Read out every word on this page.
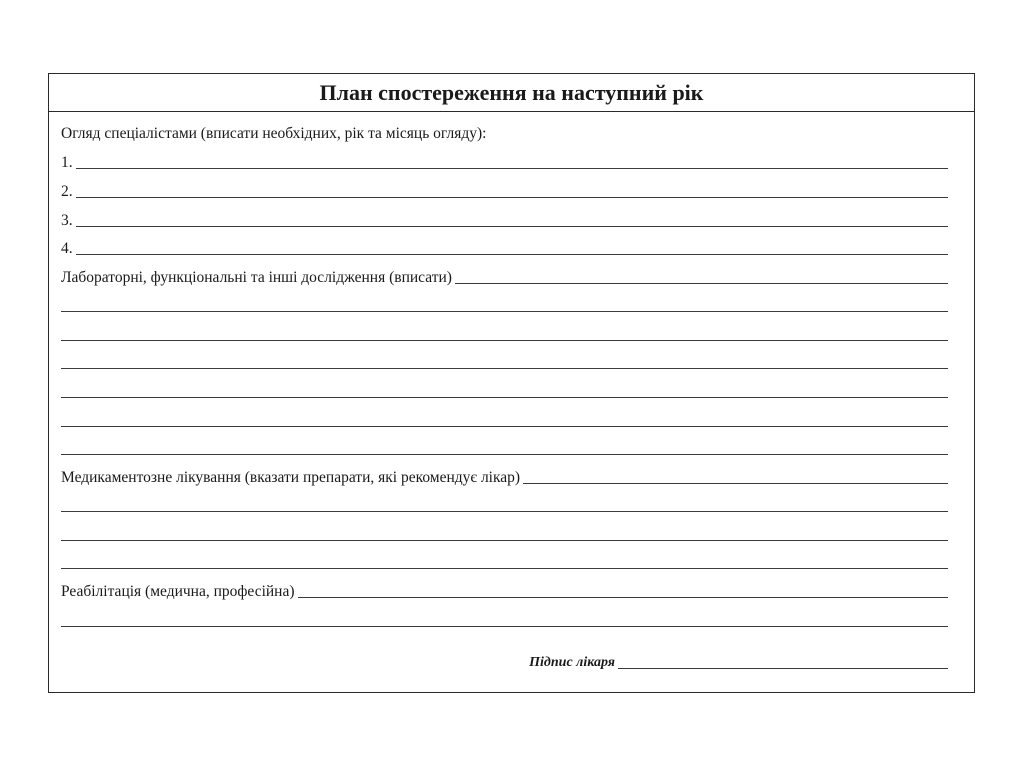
План спостереження на наступний рік
Огляд спеціалістами (вписати необхідних, рік та місяць огляду):
1.
2.
3.
4.
Лабораторні, функціональні та інші дослідження (вписати)
Медикаментозне лікування (вказати препарати, які рекомендує лікар)
Реабілітація (медична, професійна)
Підпис лікаря
